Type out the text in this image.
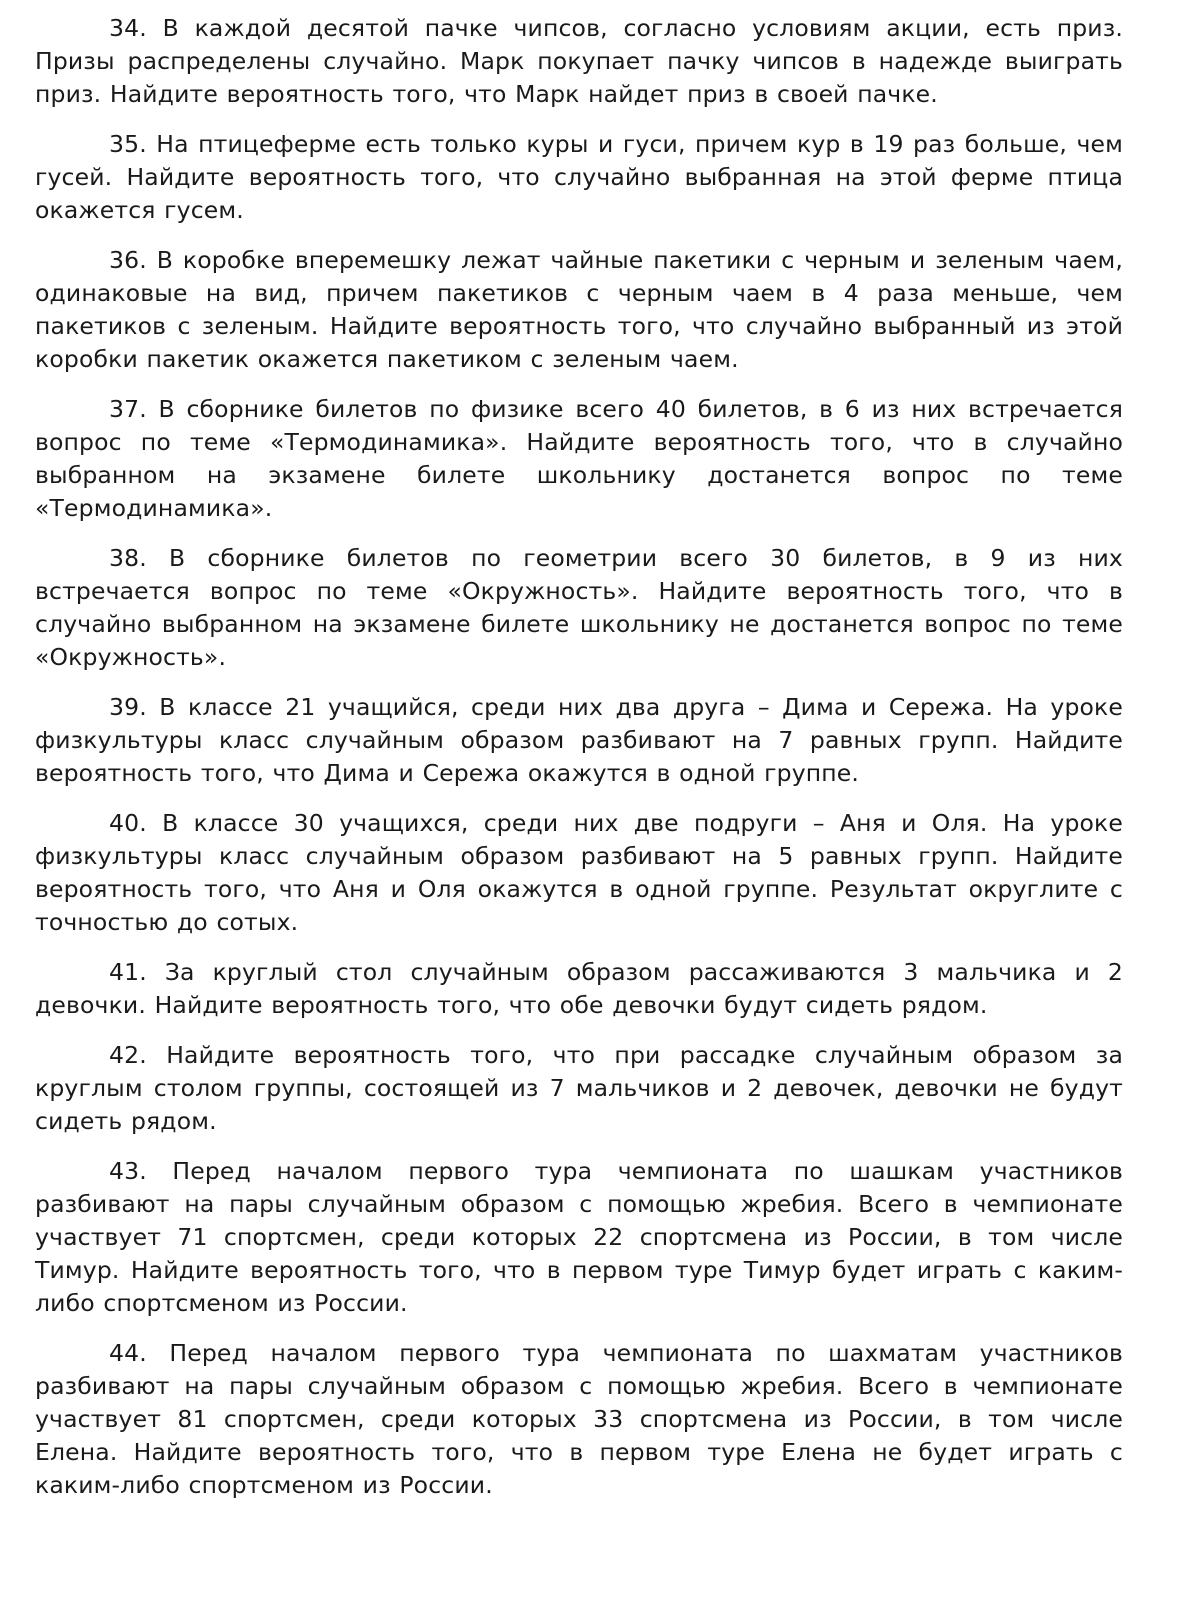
34. В каждой десятой пачке чипсов, согласно условиям акции, есть приз. Призы распределены случайно. Марк покупает пачку чипсов в надежде выиграть приз. Найдите вероятность того, что Марк найдет приз в своей пачке.

35. На птицеферме есть только куры и гуси, причем кур в 19 раз больше, чем гусей. Найдите вероятность того, что случайно выбранная на этой ферме птица окажется гусем.

36. В коробке вперемешку лежат чайные пакетики с черным и зеленым чаем, одинаковые на вид, причем пакетиков с черным чаем в 4 раза меньше, чем пакетиков с зеленым. Найдите вероятность того, что случайно выбранный из этой коробки пакетик окажется пакетиком с зеленым чаем.

37. В сборнике билетов по физике всего 40 билетов, в 6 из них встречается вопрос по теме «Термодинамика». Найдите вероятность того, что в случайно выбранном на экзамене билете школьнику достанется вопрос по теме «Термодинамика».

38. В сборнике билетов по геометрии всего 30 билетов, в 9 из них встречается вопрос по теме «Окружность». Найдите вероятность того, что в случайно выбранном на экзамене билете школьнику не достанется вопрос по теме «Окружность».

39. В классе 21 учащийся, среди них два друга – Дима и Сережа. На уроке физкультуры класс случайным образом разбивают на 7 равных групп. Найдите вероятность того, что Дима и Сережа окажутся в одной группе.

40. В классе 30 учащихся, среди них две подруги – Аня и Оля. На уроке физкультуры класс случайным образом разбивают на 5 равных групп. Найдите вероятность того, что Аня и Оля окажутся в одной группе. Результат округлите с точностью до сотых.

41. За круглый стол случайным образом рассаживаются 3 мальчика и 2 девочки. Найдите вероятность того, что обе девочки будут сидеть рядом.

42. Найдите вероятность того, что при рассадке случайным образом за круглым столом группы, состоящей из 7 мальчиков и 2 девочек, девочки не будут сидеть рядом.

43. Перед началом первого тура чемпионата по шашкам участников разбивают на пары случайным образом с помощью жребия. Всего в чемпионате участвует 71 спортсмен, среди которых 22 спортсмена из России, в том числе Тимур. Найдите вероятность того, что в первом туре Тимур будет играть с каким-либо спортсменом из России.

44. Перед началом первого тура чемпионата по шахматам участников разбивают на пары случайным образом с помощью жребия. Всего в чемпионате участвует 81 спортсмен, среди которых 33 спортсмена из России, в том числе Елена. Найдите вероятность того, что в первом туре Елена не будет играть с каким-либо спортсменом из России.
